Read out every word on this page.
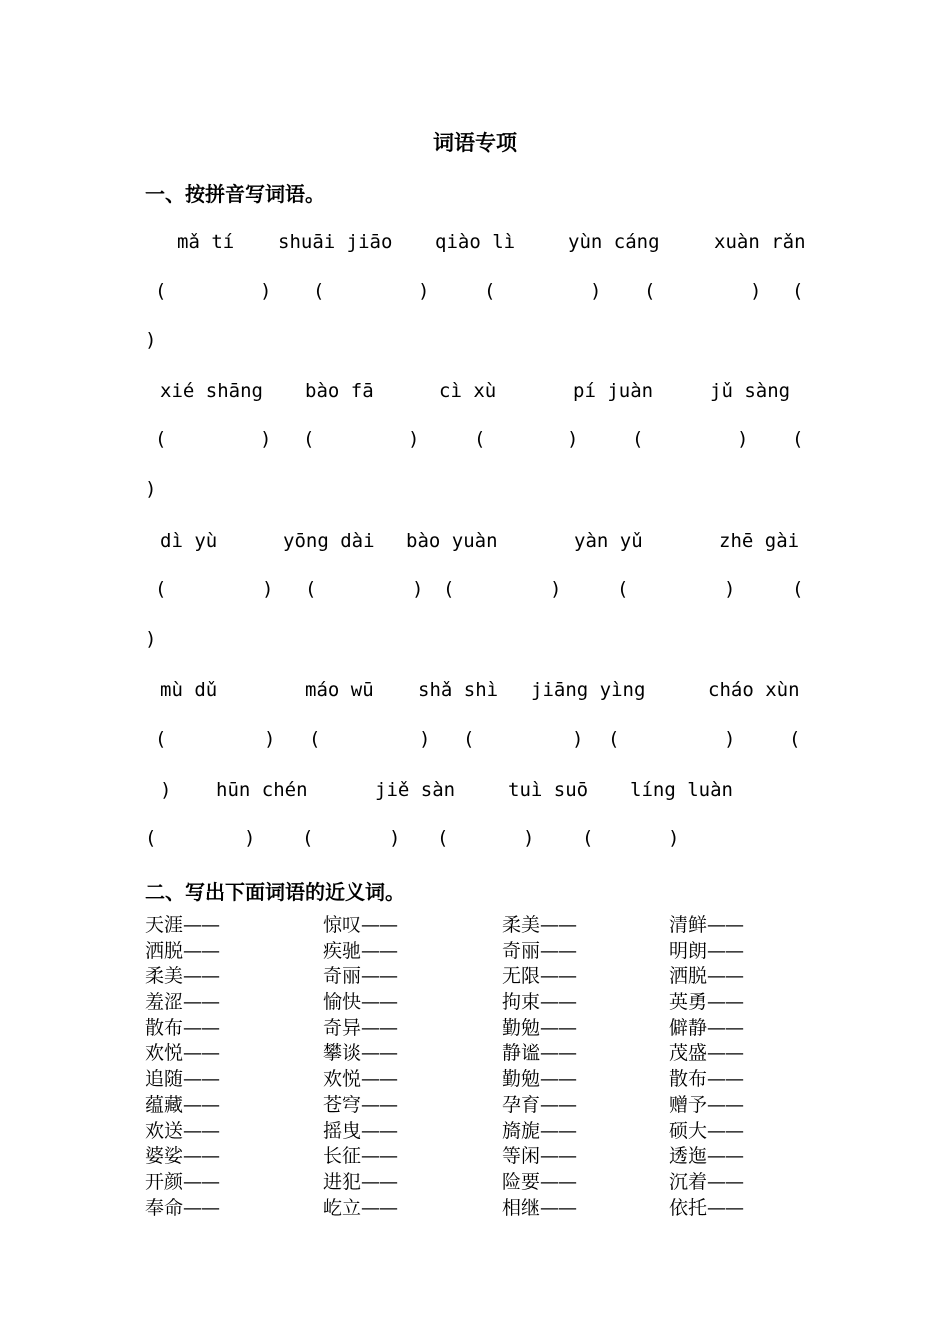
词语专项
一、按拼音写词语。
mǎ tí shuāi jiāo qiào lì	yùn cáng	xuàn rǎn
(	) (	)	(	) (	) (
)
xié shāng bào fā	cì xù	pí juàn	jǔ sàng
(	) (	)	(	)	(	) (
)
dì yù	yōng dài bào yuàn	yàn yǔ	zhē gài
(	) (	) (	)	(	)	(
)
mù dǔ	máo wū shǎ shì jiāng yìng	cháo xùn
(	) (	) (	) (	)	(
) hūn chén	jiě sàn	tuì suō líng luàn
(	) (	) (	)	(	)
二、写出下面词语的近义词。
天涯——	惊叹——	柔美——	清鲜——
洒脱——	疾驰——	奇丽——	明朗——
柔美——	奇丽——	无限——	洒脱——
羞涩——	愉快——	拘束——	英勇——
散布——	奇异——	勤勉——	僻静——
欢悦——	攀谈——	静谧——	茂盛——
追随——	欢悦——	勤勉——	散布——
蕴藏——	苍穹——	孕育——	赠予——
欢送——	摇曳——	旖旎——	硕大——
婆娑——	长征——	等闲——	透迤——
开颜——	进犯——	险要——	沉着——
奉命——	屹立——	相继——	依托——
